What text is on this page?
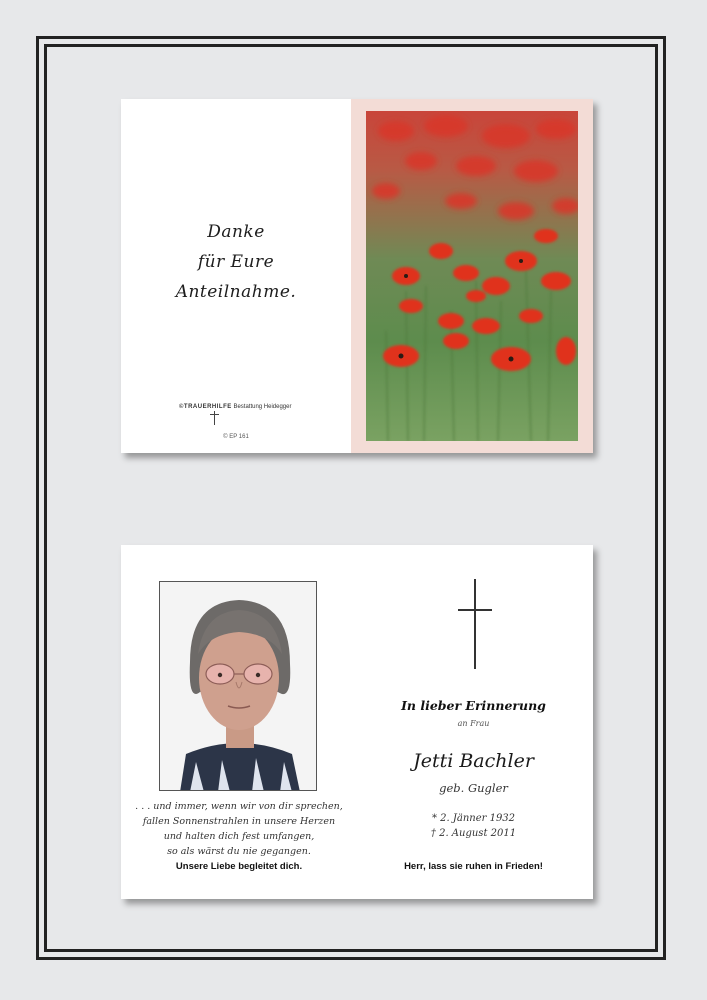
Danke
für Eure
Anteilnahme.
©TRAUERHILFE Bestattung Heidegger
© EP 161
. . . und immer, wenn wir von dir sprechen,
fallen Sonnenstrahlen in unsere Herzen
und halten dich fest umfangen,
so als wärst du nie gegangen.
Unsere Liebe begleitet dich.
In lieber Erinnerung
an Frau
Jetti Bachler
geb. Gugler
* 2. Jänner 1932
† 2. August 2011
Herr, lass sie ruhen in Frieden!
